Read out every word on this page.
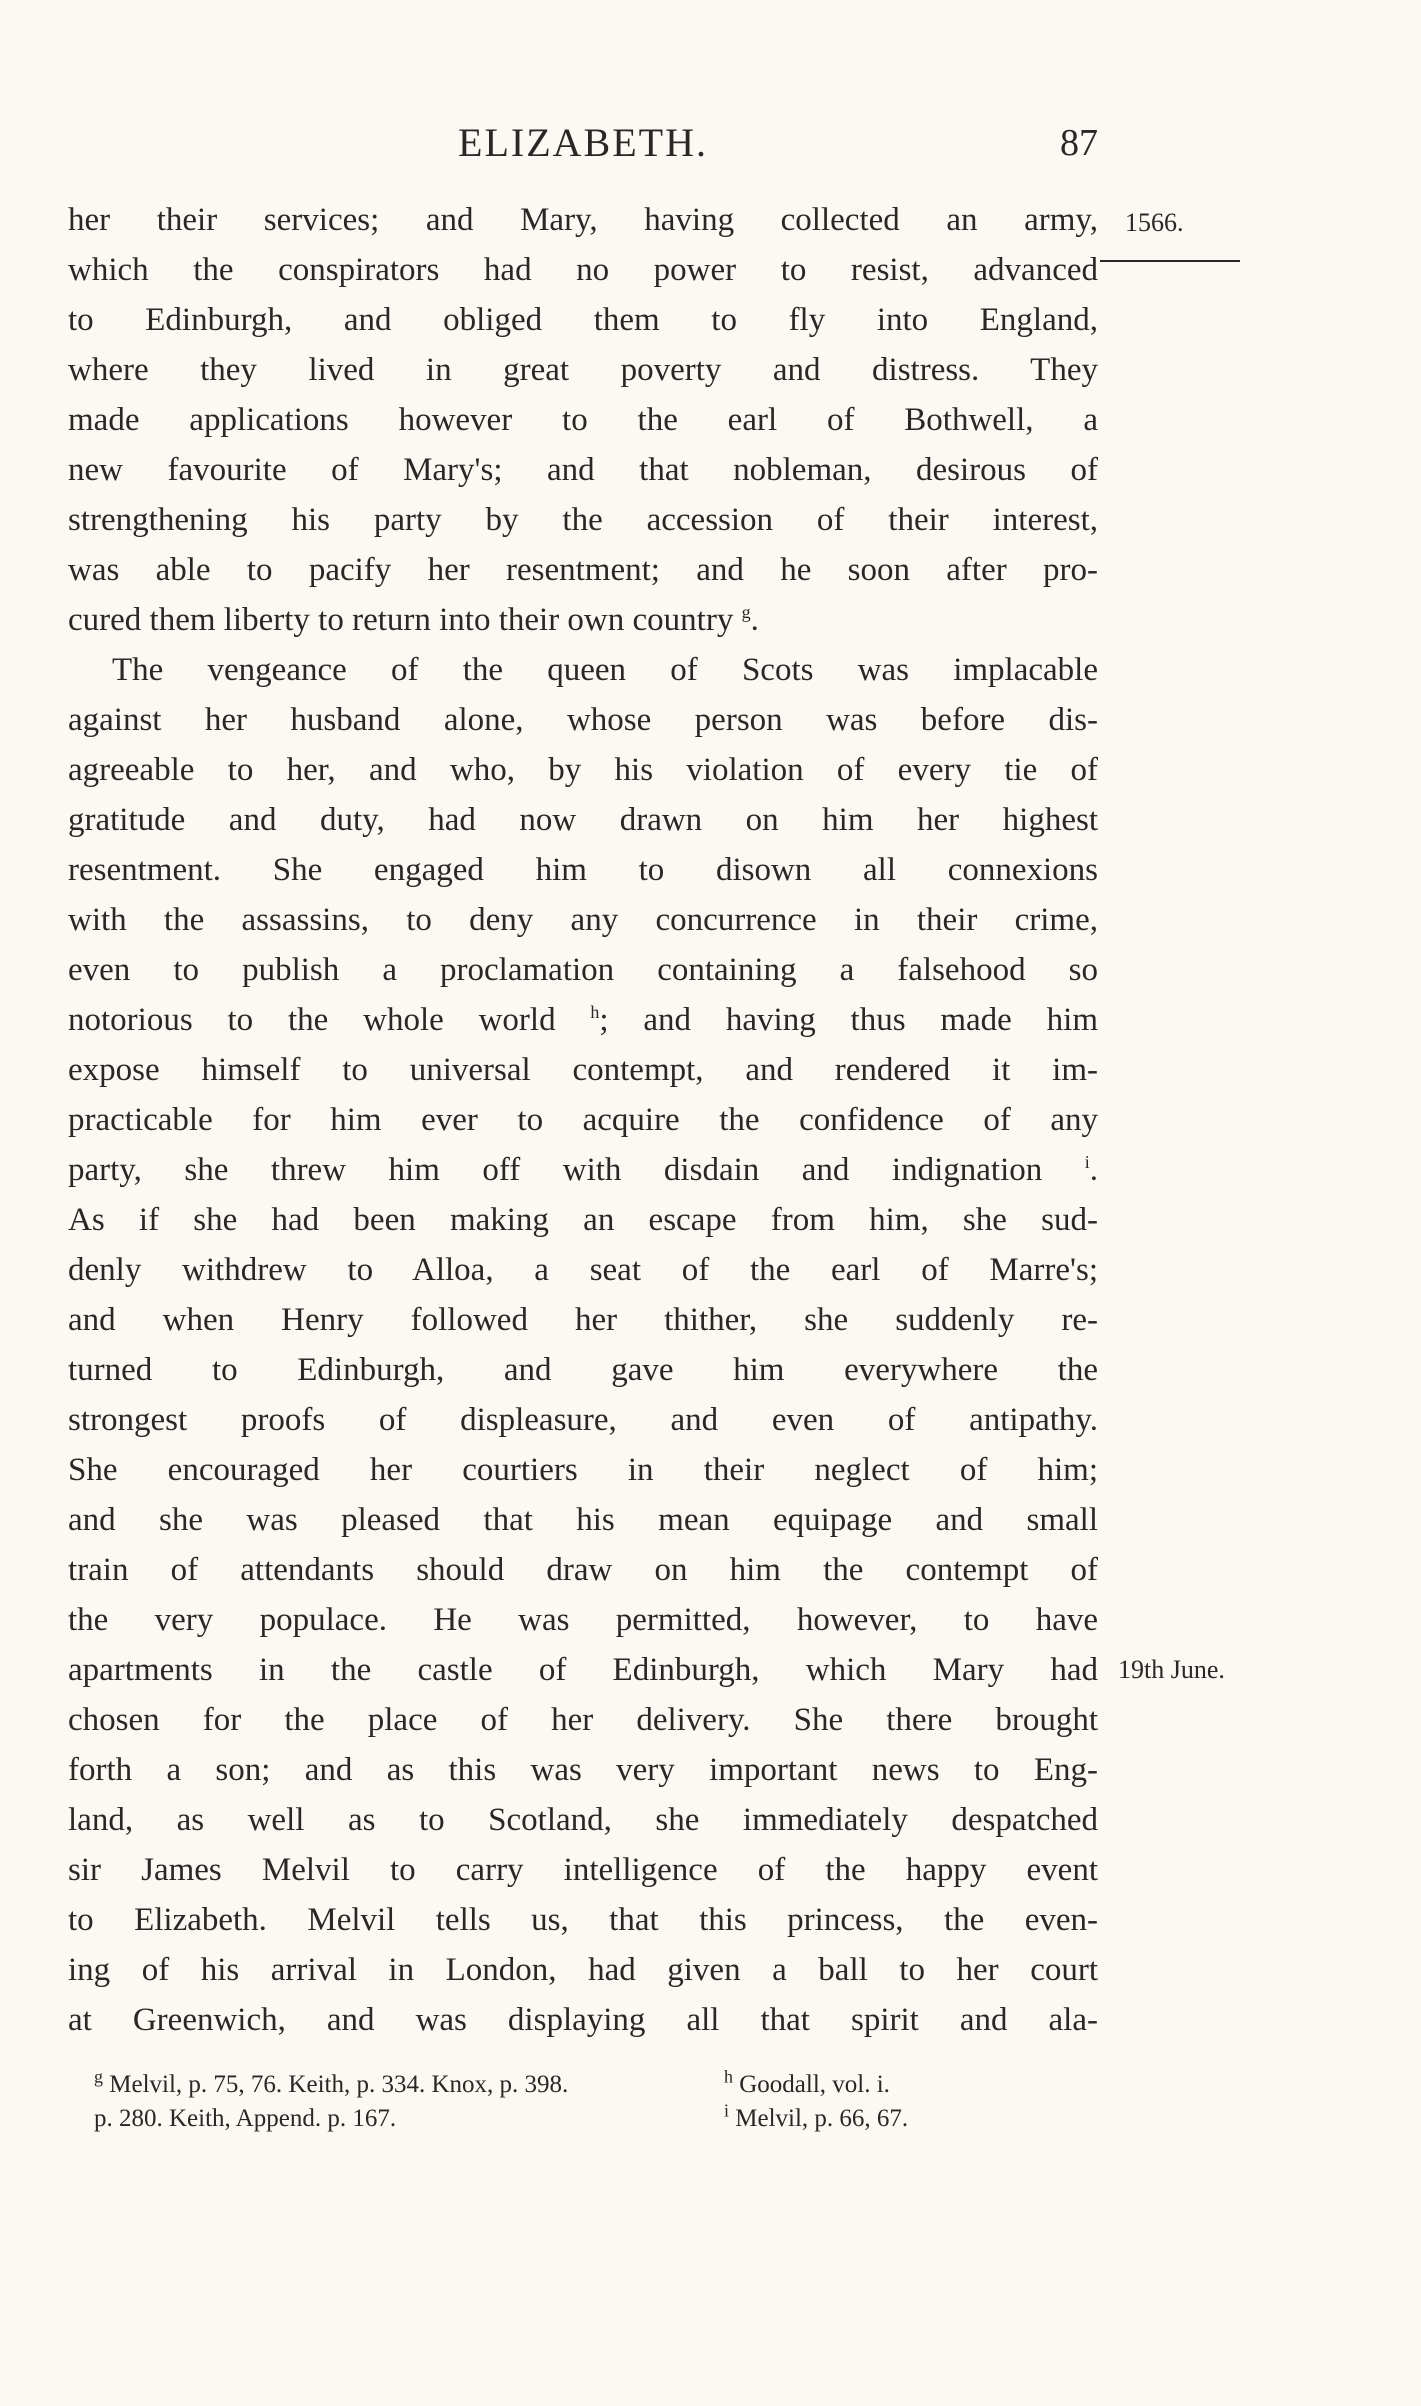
ELIZABETH.	87
1566.
19th June.
her their services; and Mary, having collected an army,
which the conspirators had no power to resist, advanced
to Edinburgh, and obliged them to fly into England,
where they lived in great poverty and distress. They
made applications however to the earl of Bothwell, a
new favourite of Mary's; and that nobleman, desirous of
strengthening his party by the accession of their interest,
was able to pacify her resentment; and he soon after pro-
cured them liberty to return into their own country $^g$.
The vengeance of the queen of Scots was implacable
against her husband alone, whose person was before dis-
agreeable to her, and who, by his violation of every tie of
gratitude and duty, had now drawn on him her highest
resentment. She engaged him to disown all connexions
with the assassins, to deny any concurrence in their crime,
even to publish a proclamation containing a falsehood so
notorious to the whole world $^h$; and having thus made him
expose himself to universal contempt, and rendered it im-
practicable for him ever to acquire the confidence of any
party, she threw him off with disdain and indignation $^i$.
As if she had been making an escape from him, she sud-
denly withdrew to Alloa, a seat of the earl of Marre's;
and when Henry followed her thither, she suddenly re-
turned to Edinburgh, and gave him everywhere the
strongest proofs of displeasure, and even of antipathy.
She encouraged her courtiers in their neglect of him;
and she was pleased that his mean equipage and small
train of attendants should draw on him the contempt of
the very populace. He was permitted, however, to have
apartments in the castle of Edinburgh, which Mary had
chosen for the place of her delivery. She there brought
forth a son; and as this was very important news to Eng-
land, as well as to Scotland, she immediately despatched
sir James Melvil to carry intelligence of the happy event
to Elizabeth. Melvil tells us, that this princess, the even-
ing of his arrival in London, had given a ball to her court
at Greenwich, and was displaying all that spirit and ala-
$^g$ Melvil, p. 75, 76. Keith, p. 334. Knox, p. 398.	$^h$ Goodall, vol. i.
p. 280. Keith, Append. p. 167.	$^i$ Melvil, p. 66, 67.
